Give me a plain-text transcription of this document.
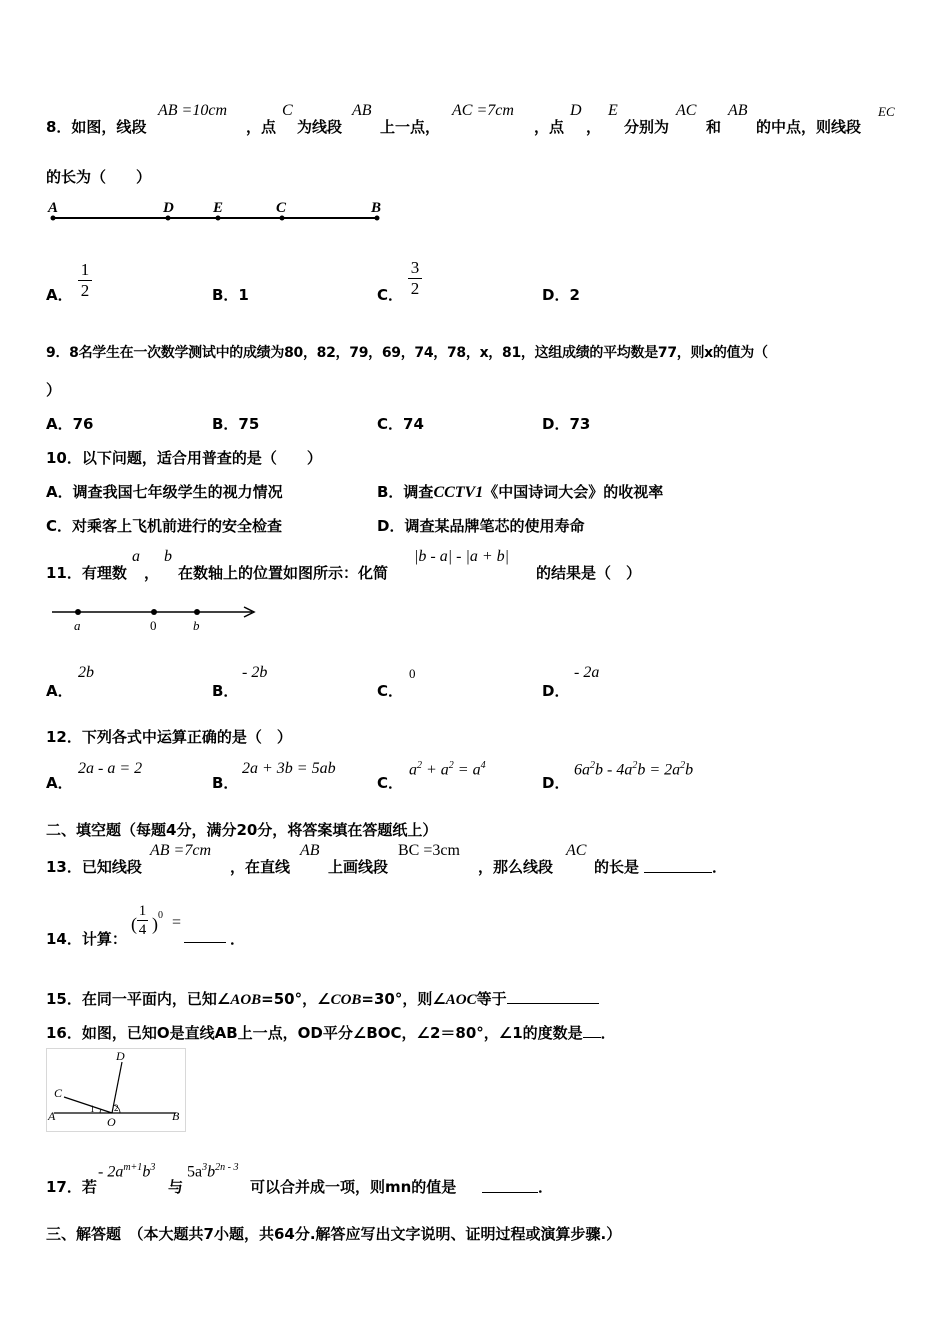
8．如图，线段
AB =10cm
，点
C
为线段
AB
上一点，
AC =7cm
，点
D
，
E
分别为
AC
和
AB
的中点，则线段
EC
的长为（　　）
A	D	E	C	B
A．
1
2	B．1	C．
3
2	D．2
9．8名学生在一次数学测试中的成绩为80，82，79，69，74，78，x，81，这组成绩的平均数是77，则x的值为（
）
A．76	B．75	C．74	D．73
10．以下问题，适合用普查的是（　　）
A．调查我国七年级学生的视力情况	B．调查CCTV1《中国诗词大会》的收视率
C．对乘客上飞机前进行的安全检查	D．调查某品牌笔芯的使用寿命
11．有理数
a
，
b
在数轴上的位置如图所示：化简
|b - a| - |a + b|
的结果是（　）
a	0	b
A．
2b
B．
- 2b
C．
0
D．
- 2a
12．下列各式中运算正确的是（　）
A．
2a - a = 2
B．
2a + 3b = 5ab
C．
$a^2 + a^2 = a^4$
D．
$6a^2b - 4a^2b = 2a^2b$
二、填空题（每题4分，满分20分，将答案填在答题纸上）
13．已知线段
AB =7cm
，在直线
AB
上画线段
BC =3cm
，那么线段
AC
的长是	．
14．计算：
(
1
4 ) 0 =
．
15．在同一平面内，已知∠AOB=50°，∠COB=30°，则∠AOC等于
16．如图，已知O是直线AB上一点，OD平分∠BOC，∠2＝80°，∠1的度数是 ．
D
C
A	1 2
O	B
17．若
- $2a^{m+1}b^3$
与
$5a^3b^{2n - 3}$
可以合并成一项，则mn的值是	．
三、解答题　（本大题共7小题，共64分.解答应写出文字说明、证明过程或演算步骤.）
